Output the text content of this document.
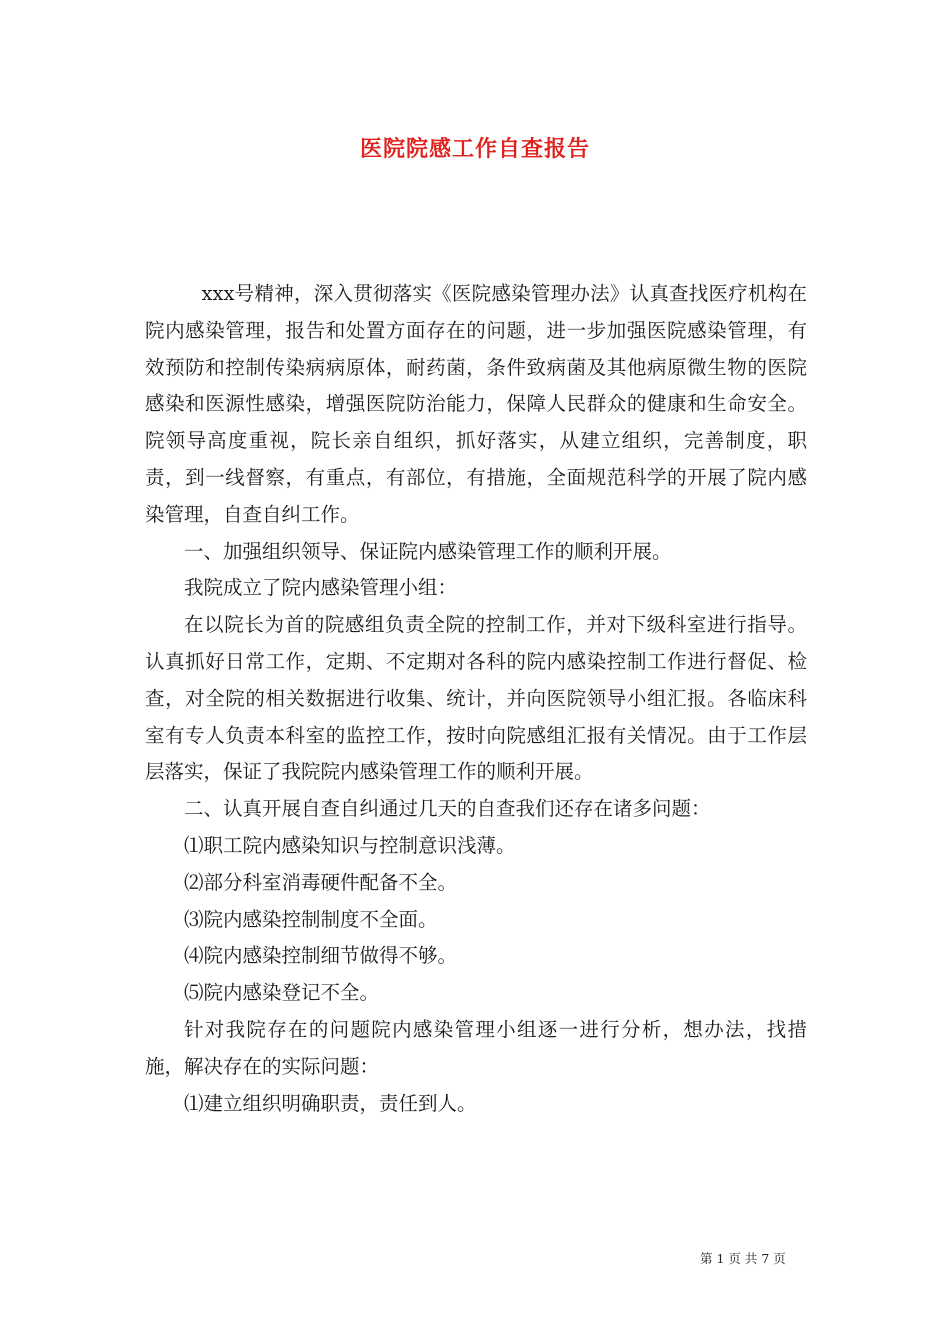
医院院感工作自查报告

xxx号精神，深入贯彻落实《医院感染管理办法》认真查找医疗机构在院内感染管理，报告和处置方面存在的问题，进一步加强医院感染管理，有效预防和控制传染病病原体，耐药菌，条件致病菌及其他病原微生物的医院感染和医源性感染，增强医院防治能力，保障人民群众的健康和生命安全。院领导高度重视，院长亲自组织，抓好落实，从建立组织，完善制度，职责，到一线督察，有重点，有部位，有措施，全面规范科学的开展了院内感染管理，自查自纠工作。

一、加强组织领导、保证院内感染管理工作的顺利开展。

我院成立了院内感染管理小组：

在以院长为首的院感组负责全院的控制工作，并对下级科室进行指导。认真抓好日常工作，定期、不定期对各科的院内感染控制工作进行督促、检查，对全院的相关数据进行收集、统计，并向医院领导小组汇报。各临床科室有专人负责本科室的监控工作，按时向院感组汇报有关情况。由于工作层层落实，保证了我院院内感染管理工作的顺利开展。

二、认真开展自查自纠通过几天的自查我们还存在诸多问题：

⑴职工院内感染知识与控制意识浅薄。

⑵部分科室消毒硬件配备不全。

⑶院内感染控制制度不全面。

⑷院内感染控制细节做得不够。

⑸院内感染登记不全。

针对我院存在的问题院内感染管理小组逐一进行分析，想办法，找措施，解决存在的实际问题：

⑴建立组织明确职责，责任到人。

第 1 页 共 7 页
